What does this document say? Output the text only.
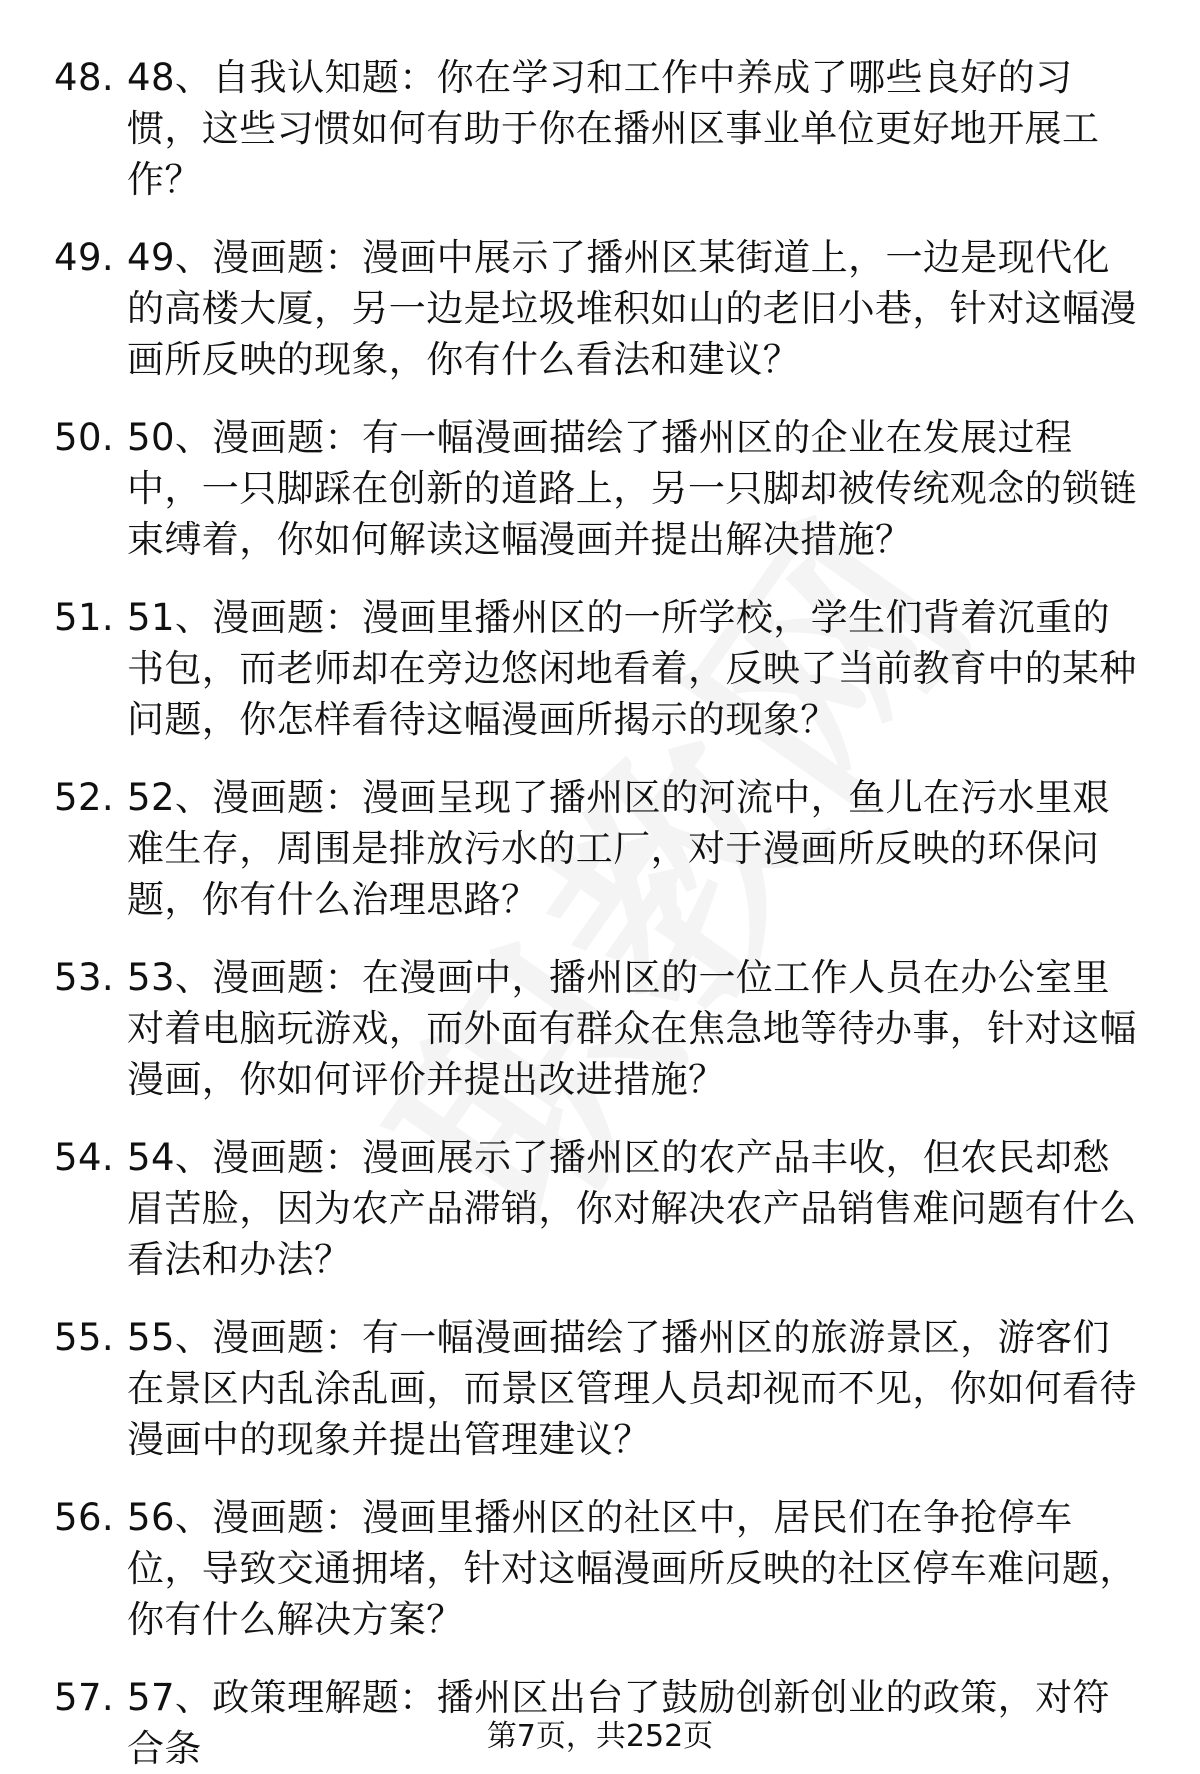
48. 48、自我认知题：你在学习和工作中养成了哪些良好的习惯，这些习惯如何有助于你在播州区事业单位更好地开展工作？
49. 49、漫画题：漫画中展示了播州区某街道上，一边是现代化的高楼大厦，另一边是垃圾堆积如山的老旧小巷，针对这幅漫画所反映的现象，你有什么看法和建议？
50. 50、漫画题：有一幅漫画描绘了播州区的企业在发展过程中，一只脚踩在创新的道路上，另一只脚却被传统观念的锁链束缚着，你如何解读这幅漫画并提出解决措施？
51. 51、漫画题：漫画里播州区的一所学校，学生们背着沉重的书包，而老师却在旁边悠闲地看着，反映了当前教育中的某种问题，你怎样看待这幅漫画所揭示的现象？
52. 52、漫画题：漫画呈现了播州区的河流中，鱼儿在污水里艰难生存，周围是排放污水的工厂，对于漫画所反映的环保问题，你有什么治理思路？
53. 53、漫画题：在漫画中，播州区的一位工作人员在办公室里对着电脑玩游戏，而外面有群众在焦急地等待办事，针对这幅漫画，你如何评价并提出改进措施？
54. 54、漫画题：漫画展示了播州区的农产品丰收，但农民却愁眉苦脸，因为农产品滞销，你对解决农产品销售难问题有什么看法和办法？
55. 55、漫画题：有一幅漫画描绘了播州区的旅游景区，游客们在景区内乱涂乱画，而景区管理人员却视而不见，你如何看待漫画中的现象并提出管理建议？
56. 56、漫画题：漫画里播州区的社区中，居民们在争抢停车位，导致交通拥堵，针对这幅漫画所反映的社区停车难问题，你有什么解决方案？
57. 57、政策理解题：播州区出台了鼓励创新创业的政策，对符合条	第7页，共252页
